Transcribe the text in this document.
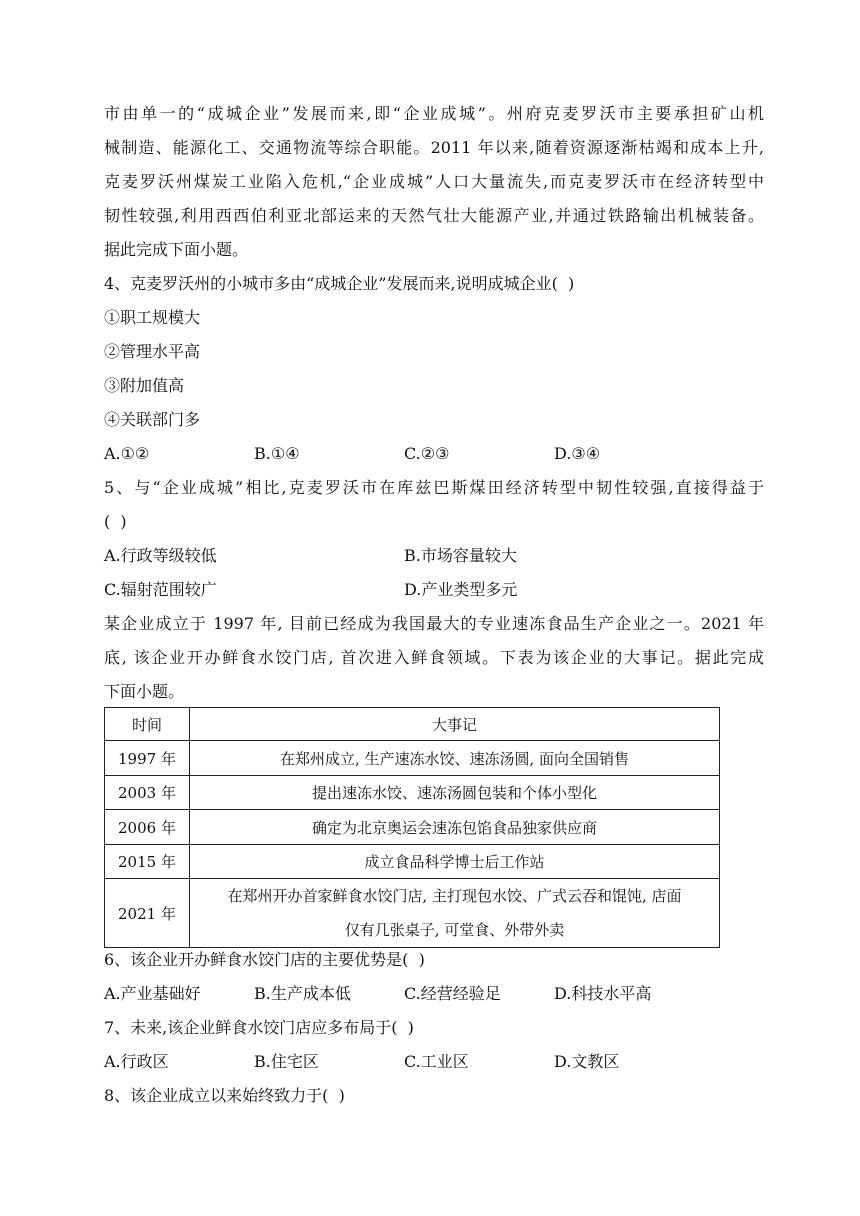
市由单一的“成城企业”发展而来,即“企业成城”。州府克麦罗沃市主要承担矿山机
械制造、能源化工、交通物流等综合职能。2011 年以来,随着资源逐渐枯竭和成本上升,
克麦罗沃州煤炭工业陷入危机,“企业成城”人口大量流失,而克麦罗沃市在经济转型中
韧性较强,利用西西伯利亚北部运来的天然气壮大能源产业,并通过铁路输出机械装备。
据此完成下面小题。
4、克麦罗沃州的小城市多由“成城企业”发展而来,说明成城企业(  )
①职工规模大
②管理水平高
③附加值高
④关联部门多
A.①②	B.①④	C.②③	D.③④
5、与“企业成城”相比,克麦罗沃市在库兹巴斯煤田经济转型中韧性较强,直接得益于
(  )
A.行政等级较低	B.市场容量较大
C.辐射范围较广	D.产业类型多元
某企业成立于 1997 年, 目前已经成为我国最大的专业速冻食品生产企业之一。2021 年
底, 该企业开办鲜食水饺门店, 首次进入鲜食领域。下表为该企业的大事记。据此完成
下面小题。
时间	大事记
1997 年	在郑州成立, 生产速冻水饺、速冻汤圆, 面向全国销售
2003 年	提出速冻水饺、速冻汤圆包装和个体小型化
2006 年	确定为北京奥运会速冻包馅食品独家供应商
2015 年	成立食品科学博士后工作站
2021 年	在郑州开办首家鲜食水饺门店, 主打现包水饺、广式云吞和馄饨, 店面
仅有几张桌子, 可堂食、外带外卖
6、该企业开办鲜食水饺门店的主要优势是(  )
A.产业基础好	B.生产成本低	C.经营经验足	D.科技水平高
7、未来,该企业鲜食水饺门店应多布局于(  )
A.行政区	B.住宅区	C.工业区	D.文教区
8、该企业成立以来始终致力于(  )
